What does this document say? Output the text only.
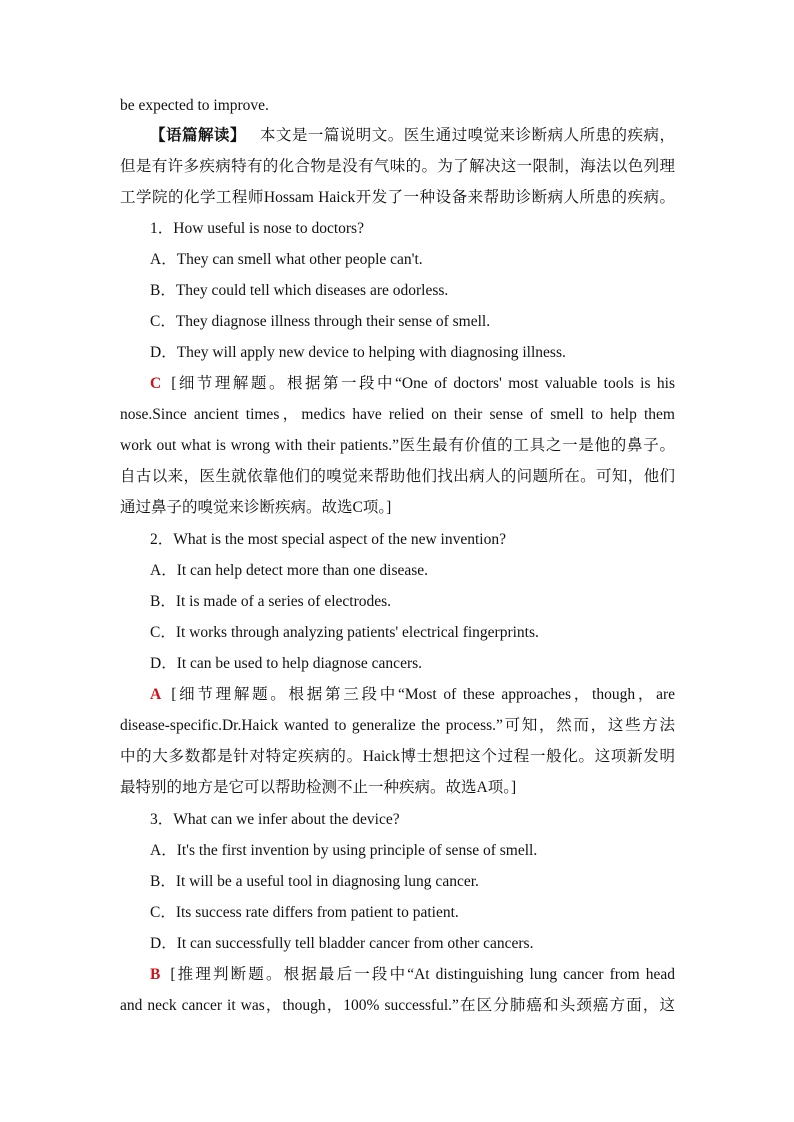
be expected to improve.
【语篇解读】 本文是一篇说明文。医生通过嗅觉来诊断病人所患的疾病，
但是有许多疾病特有的化合物是没有气味的。为了解决这一限制，海法以色列理
工学院的化学工程师Hossam Haick开发了一种设备来帮助诊断病人所患的疾病。
1．How useful is nose to doctors?
A．They can smell what other people can't.
B．They could tell which diseases are odorless.
C．They diagnose illness through their sense of smell.
D．They will apply new device to helping with diagnosing illness.
C [细节理解题。根据第一段中“One of doctors' most valuable tools is his
nose.Since ancient times，medics have relied on their sense of smell to help them
work out what is wrong with their patients.”医生最有价值的工具之一是他的鼻子。
自古以来，医生就依靠他们的嗅觉来帮助他们找出病人的问题所在。可知，他们
通过鼻子的嗅觉来诊断疾病。故选C项。]
2．What is the most special aspect of the new invention?
A．It can help detect more than one disease.
B．It is made of a series of electrodes.
C．It works through analyzing patients' electrical fingerprints.
D．It can be used to help diagnose cancers.
A [细节理解题。根据第三段中“Most of these approaches，though，are
disease-specific.Dr.Haick wanted to generalize the process.”可知，然而，这些方法
中的大多数都是针对特定疾病的。Haick博士想把这个过程一般化。这项新发明
最特别的地方是它可以帮助检测不止一种疾病。故选A项。]
3．What can we infer about the device?
A．It's the first invention by using principle of sense of smell.
B．It will be a useful tool in diagnosing lung cancer.
C．Its success rate differs from patient to patient.
D．It can successfully tell bladder cancer from other cancers.
B [推理判断题。根据最后一段中“At distinguishing lung cancer from head
and neck cancer it was，though，100% successful.”在区分肺癌和头颈癌方面，这
